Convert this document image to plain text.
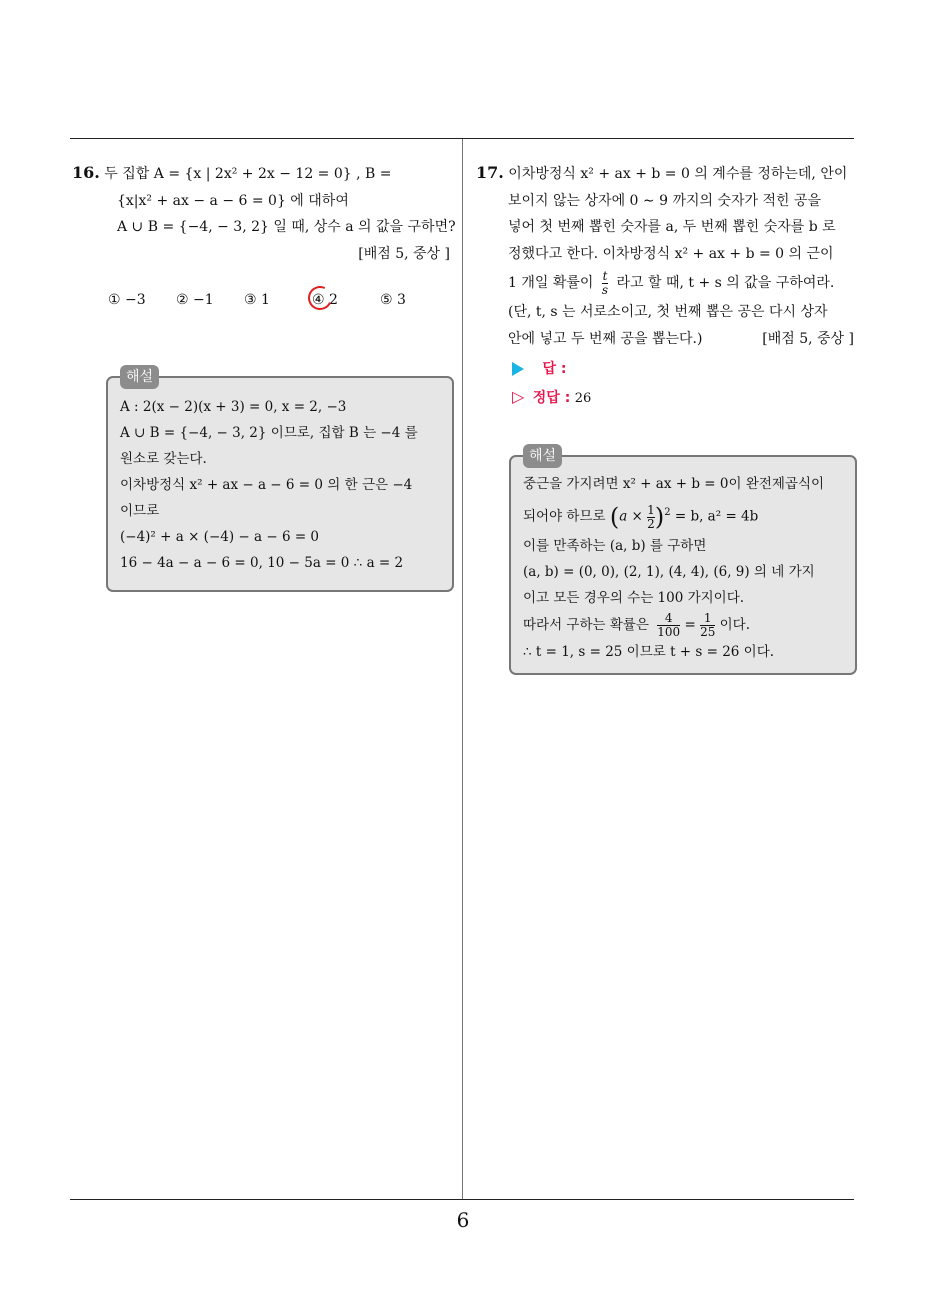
16. 두 집합 A = {x | 2x² + 2x − 12 = 0} , B =
{x|x² + ax − a − 6 = 0} 에 대하여
A ∪ B = {−4, − 3, 2} 일 때, 상수 a 의 값을 구하면?
[배점 5, 중상 ]
① −3	② −1	③ 1	④ 2	⑤ 3
해설
A : 2(x − 2)(x + 3) = 0, x = 2, −3
A ∪ B = {−4, − 3, 2} 이므로, 집합 B 는 −4 를
원소로 갖는다.
이차방정식 x² + ax − a − 6 = 0 의 한 근은 −4
이므로
(−4)² + a × (−4) − a − 6 = 0
16 − 4a − a − 6 = 0, 10 − 5a = 0 ∴ a = 2
17. 이차방정식 x² + ax + b = 0 의 계수를 정하는데, 안이
보이지 않는 상자에 0 ∼ 9 까지의 숫자가 적힌 공을
넣어 첫 번째 뽑힌 숫자를 a, 두 번째 뽑힌 숫자를 b 로
정했다고 한다. 이차방정식 x² + ax + b = 0 의 근이
1 개일 확률이 $\frac{t}{s}$ 라고 할 때, t + s 의 값을 구하여라.
(단, t, s 는 서로소이고, 첫 번째 뽑은 공은 다시 상자
안에 넣고 두 번째 공을 뽑는다.)	[배점 5, 중상 ]
답 :
▷ 정답 : 26
해설
중근을 가지려면 x² + ax + b = 0이 완전제곱식이
되어야 하므로 $(a \times \frac{1}{2} )^2 = b$, a² = 4b
이를 만족하는 (a, b) 를 구하면
(a, b) = (0, 0), (2, 1), (4, 4), (6, 9) 의 네 가지
이고 모든 경우의 수는 100 가지이다.
따라서 구하는 확률은 $\frac{4}{100} = \frac{1}{25}$ 이다.
∴ t = 1, s = 25 이므로 t + s = 26 이다.
6
